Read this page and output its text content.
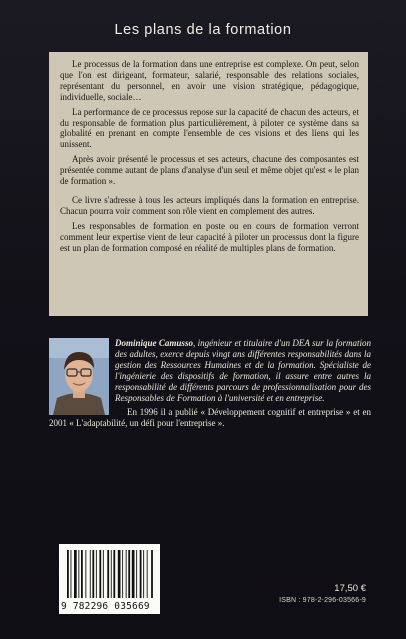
Les plans de la formation

Le processus de la formation dans une entreprise est complexe. On peut, selon que l'on est dirigeant, formateur, salarié, responsable des relations sociales, représentant du personnel, en avoir une vision stratégique, pédagogique, individuelle, sociale…

La performance de ce processus repose sur la capacité de chacun des acteurs, et du responsable de formation plus particulièrement, à piloter ce système dans sa globalité en prenant en compte l'ensemble de ces visions et des liens qui les unissent.

Après avoir présenté le processus et ses acteurs, chacune des composantes est présentée comme autant de plans d'analyse d'un seul et même objet qu'est « le plan de formation ».

Ce livre s'adresse à tous les acteurs impliqués dans la formation en entreprise. Chacun pourra voir comment son rôle vient en complement des autres.

Les responsables de formation en poste ou en cours de formation verront comment leur expertise vient de leur capacité à piloter un processus dont la figure est un plan de formation composé en réalité de multiples plans de formation.

Dominique Camusso, ingénieur et titulaire d'un DEA sur la formation des adultes, exerce depuis vingt ans différentes responsabilités dans la gestion des Ressources Humaines et de la formation. Spécialiste de l'ingénierie des dispositifs de formation, il assure entre autres la responsabilité de différents parcours de professionnalisation pour des Responsables de Formation à l'université et en entreprise.

En 1996 il a publié « Développement cognitif et entreprise » et en 2001 « L'adaptabilité, un défi pour l'entreprise ».

9 782296 035669
17,50 €
ISBN : 978-2-296-03566-9
